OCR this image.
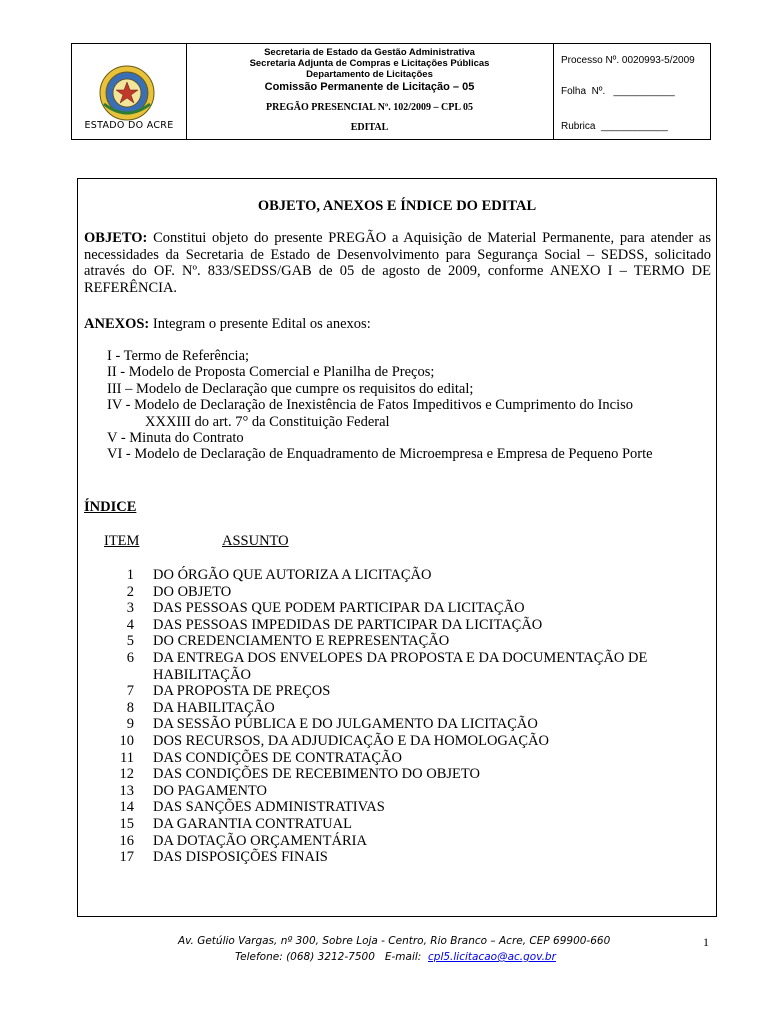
ESTADO DO ACRE
Secretaria de Estado da Gestão Administrativa
Secretaria Adjunta de Compras e Licitações Públicas
Departamento de Licitações
Comissão Permanente de Licitação – 05
PREGÃO PRESENCIAL Nº. 102/2009 – CPL 05
EDITAL
Processo Nº. 0020993-5/2009
Folha  Nº.   ___________
Rubrica  ____________
OBJETO, ANEXOS E ÍNDICE DO EDITAL
OBJETO: Constitui objeto do presente PREGÃO a Aquisição de Material Permanente, para atender as necessidades da Secretaria de Estado de Desenvolvimento para Segurança Social – SEDSS, solicitado através do OF. Nº. 833/SEDSS/GAB de 05 de agosto de 2009, conforme ANEXO I – TERMO DE REFERÊNCIA.
ANEXOS: Integram o presente Edital os anexos:
I - Termo de Referência;
II - Modelo de Proposta Comercial e Planilha de Preços;
III – Modelo de Declaração que cumpre os requisitos do edital;
IV - Modelo de Declaração de Inexistência de Fatos Impeditivos e Cumprimento do Inciso
XXXIII do art. 7° da Constituição Federal
V - Minuta do Contrato
VI - Modelo de Declaração de Enquadramento de Microempresa e Empresa de Pequeno Porte
ÍNDICE
ITEM	ASSUNTO
1 DO ÓRGÃO QUE AUTORIZA A LICITAÇÃO
2 DO OBJETO
3 DAS PESSOAS QUE PODEM PARTICIPAR DA LICITAÇÃO
4 DAS PESSOAS IMPEDIDAS DE PARTICIPAR DA LICITAÇÃO
5 DO CREDENCIAMENTO E REPRESENTAÇÃO
6 DA ENTREGA DOS ENVELOPES DA PROPOSTA E DA DOCUMENTAÇÃO DE HABILITAÇÃO
7 DA PROPOSTA DE PREÇOS
8 DA HABILITAÇÃO
9 DA SESSÃO PÚBLICA E DO JULGAMENTO DA LICITAÇÃO
10 DOS RECURSOS, DA ADJUDICAÇÃO E DA HOMOLOGAÇÃO
11 DAS CONDIÇÕES DE CONTRATAÇÃO
12 DAS CONDIÇÕES DE RECEBIMENTO DO OBJETO
13 DO PAGAMENTO
14 DAS SANÇÕES ADMINISTRATIVAS
15 DA GARANTIA CONTRATUAL
16 DA DOTAÇÃO ORÇAMENTÁRIA
17 DAS DISPOSIÇÕES FINAIS
Av. Getúlio Vargas, nº 300, Sobre Loja - Centro, Rio Branco – Acre, CEP 69900-660
Telefone: (068) 3212-7500   E-mail:  cpl5.licitacao@ac.gov.br
1
